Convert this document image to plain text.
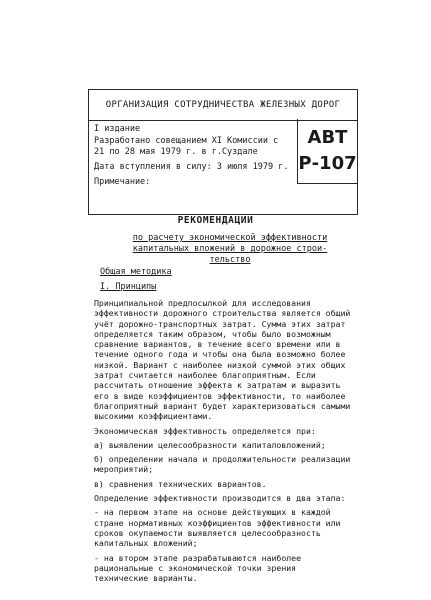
ОРГАНИЗАЦИЯ СОТРУДНИЧЕСТВА ЖЕЛЕЗНЫХ ДОРОГ
АВТ
Р-107
I издание
Разработано совещанием XI Комиссии с
21 по 28 мая 1979 г. в г.Суздале
Дата вступления в силу: 3 июля 1979 г.
Примечание:
РЕКОМЕНДАЦИИ
по расчету экономической эффективности
капитальных вложений в дорожное строи-
тельство
Общая методика
I. Принципы

Принципиальной предпосылкой для исследования эффективности дорожного строительства является общий учёт дорожно-транспортных затрат. Сумма этих затрат определяется таким образом, чтобы было возможным сравнение вариантов, в течение всего времени или в течение одного года и чтобы она была возможно более низкой. Вариант с наиболее низкой суммой этих общих затрат считается наиболее благоприятным. Если рассчитать отношение эффекта к затратам и выразить его в виде коэффициентов эффективности, то наиболее благоприятный вариант будет характеризоваться самыми высокими коэффициентами.

Экономическая эффективность определяется при:

а) выявлении целесообразности капиталовложений;

б) определении начала и продолжительности реализации мероприятий;

в) сравнения технических вариантов.

Определение эффективности производится в два этапа:

- на первом этапе на основе действующих в каждой стране нормативных коэффициентов эффективности или сроков окупаемости выявляется целесообразность капитальных вложений;

- на втором этапе разрабатываются наиболее рациональные с экономической точки зрения технические варианты.
